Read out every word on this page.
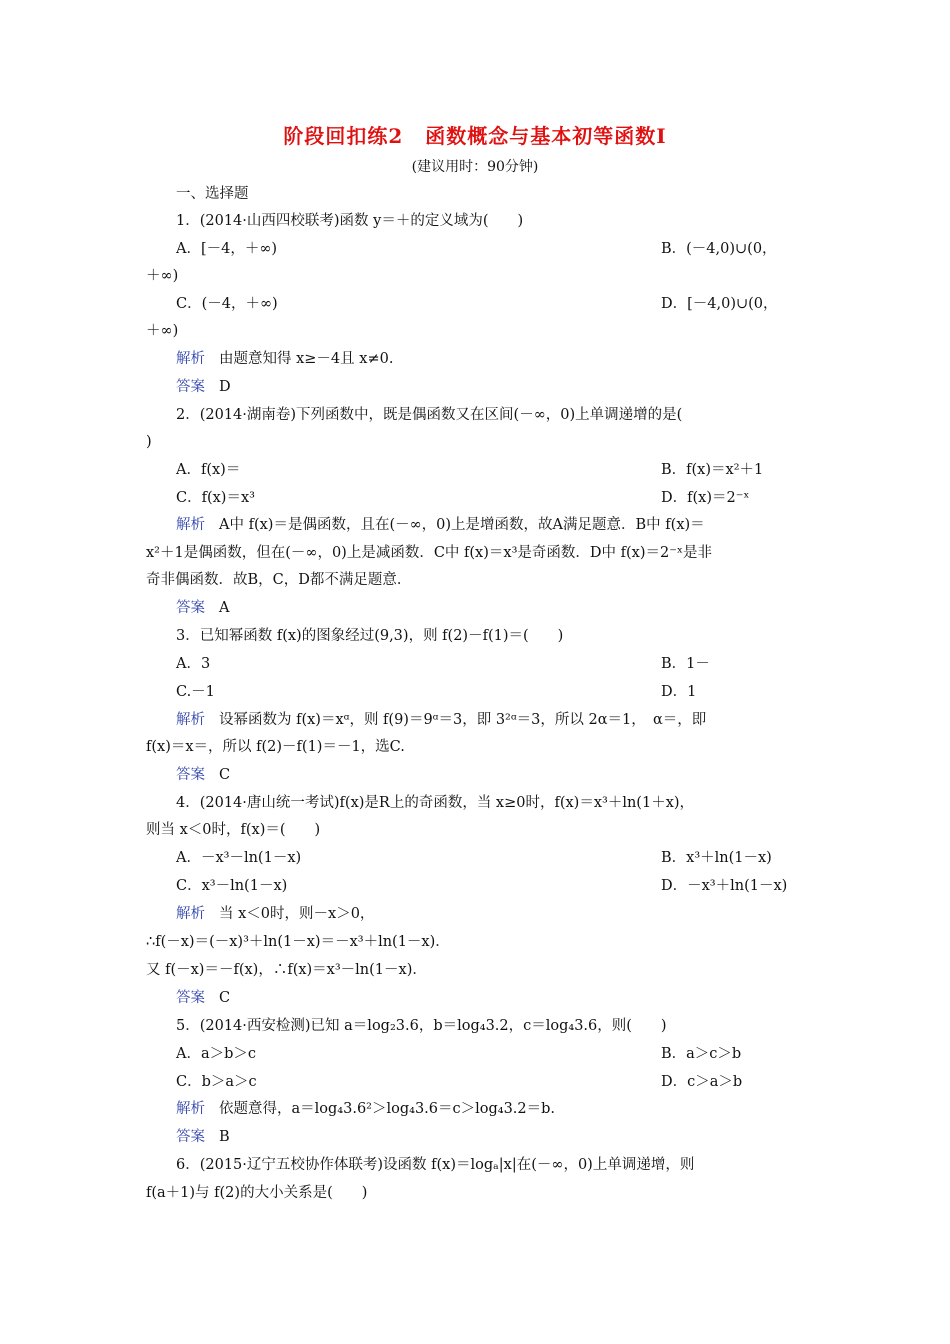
阶段回扣练2 函数概念与基本初等函数Ⅰ
(建议用时：90分钟)
一、选择题
1．(2014·山西四校联考)函数 y＝＋的定义域为(　　)
A．[－4，＋∞)	B．(－4,0)∪(0，
＋∞)
C．(－4，＋∞)	D．[－4,0)∪(0，
＋∞)
解析 由题意知得 x≥－4且 x≠0.
答案 D
2．(2014·湖南卷)下列函数中，既是偶函数又在区间(－∞，0)上单调递增的是(
)
A．f(x)＝	B．f(x)＝x²＋1
C．f(x)＝x³	D．f(x)＝2⁻ˣ
解析 A中 f(x)＝是偶函数，且在(－∞，0)上是增函数，故A满足题意．B中 f(x)＝
x²＋1是偶函数，但在(－∞，0)上是减函数．C中 f(x)＝x³是奇函数．D中 f(x)＝2⁻ˣ是非
奇非偶函数．故B，C，D都不满足题意．
答案 A
3．已知幂函数 f(x)的图象经过(9,3)，则 f(2)－f(1)＝(　　)
A．3	B．1－
C.－1	D．1
解析 设幂函数为 f(x)＝xᵅ，则 f(9)＝9ᵅ＝3，即 3²ᵅ＝3，所以 2α＝1，　α＝，即
f(x)＝x＝，所以 f(2)－f(1)＝－1，选C.
答案 C
4．(2014·唐山统一考试)f(x)是R上的奇函数，当 x≥0时，f(x)＝x³＋ln(1＋x)，
则当 x＜0时，f(x)＝(　　)
A．－x³－ln(1－x)	B．x³＋ln(1－x)
C．x³－ln(1－x)	D．－x³＋ln(1－x)
解析 当 x＜0时，则－x＞0，
∴f(－x)＝(－x)³＋ln(1－x)＝－x³＋ln(1－x)．
又 f(－x)＝－f(x)，∴f(x)＝x³－ln(1－x)．
答案 C
5．(2014·西安检测)已知 a＝log₂3.6，b＝log₄3.2，c＝log₄3.6，则(　　)
A．a＞b＞c	B．a＞c＞b
C．b＞a＞c	D．c＞a＞b
解析 依题意得，a＝log₄3.6²＞log₄3.6＝c＞log₄3.2＝b.
答案 B
6．(2015·辽宁五校协作体联考)设函数 f(x)＝logₐ|x|在(－∞，0)上单调递增，则
f(a＋1)与 f(2)的大小关系是(　　)
